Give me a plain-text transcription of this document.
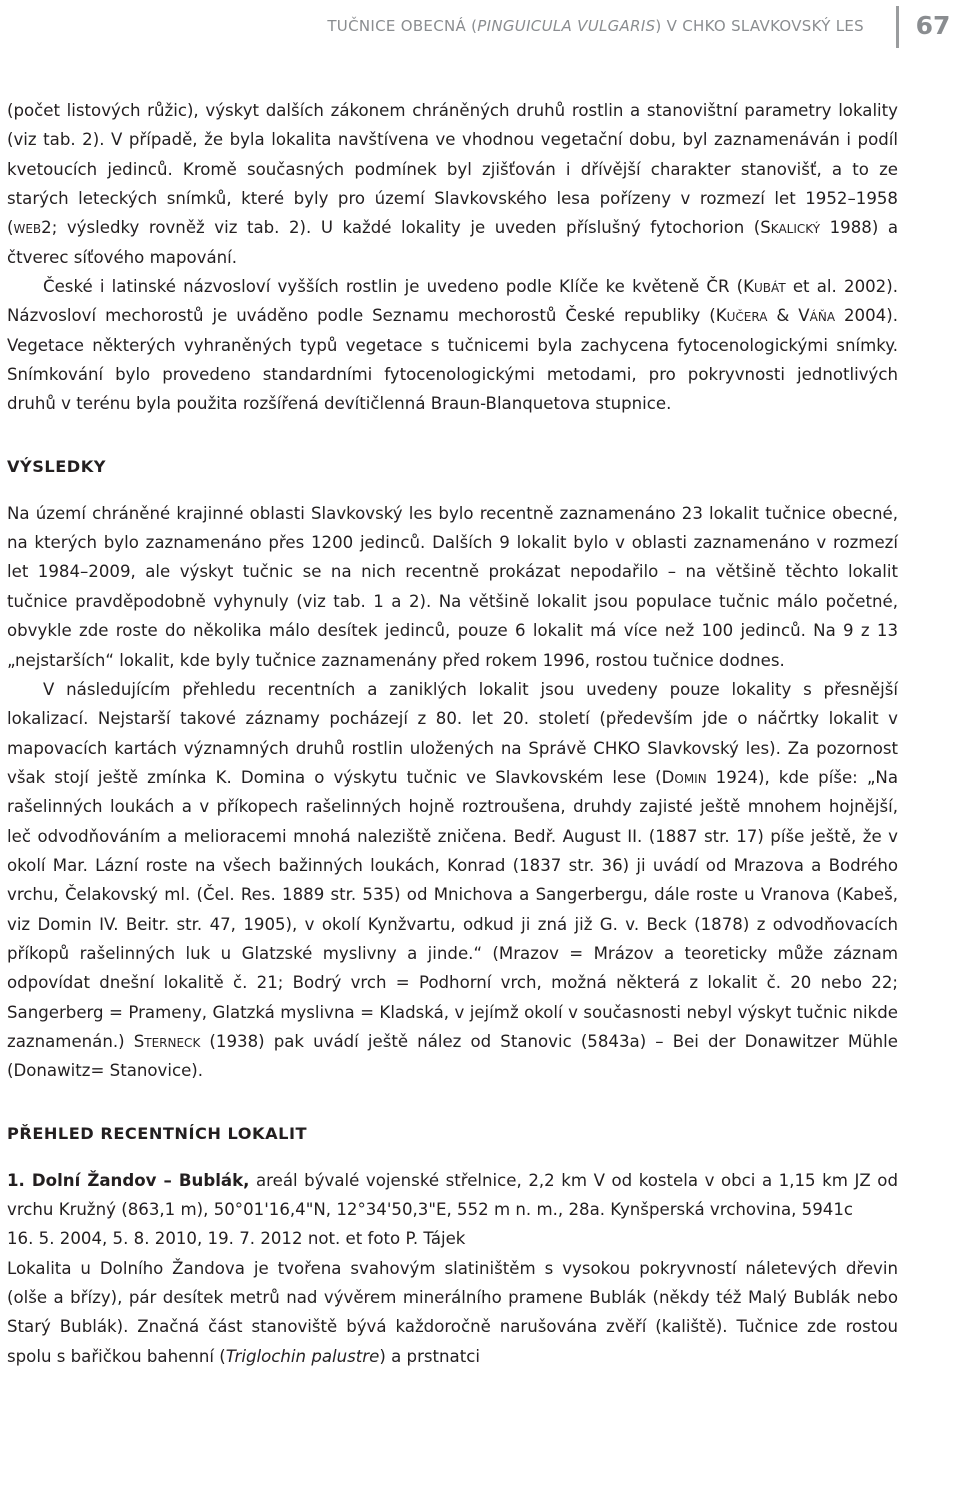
TUČNICE OBECNÁ (PINGUICULA VULGARIS) V CHKO SLAVKOVSKÝ LES	67

(počet listových růžic), výskyt dalších zákonem chráněných druhů rostlin a stanovištní parametry lokality (viz tab. 2). V případě, že byla lokalita navštívena ve vhodnou vegetační dobu, byl zaznamenáván i podíl kvetoucích jedinců. Kromě současných podmínek byl zjišťován i dřívější charakter stanovišť, a to ze starých leteckých snímků, které byly pro území Slavkovského lesa pořízeny v rozmezí let 1952–1958 (web2; výsledky rovněž viz tab. 2). U každé lokality je uveden příslušný fytochorion (Skalický 1988) a čtverec síťového mapování.

České i latinské názvosloví vyšších rostlin je uvedeno podle Klíče ke květeně ČR (Kubát et al. 2002). Názvosloví mechorostů je uváděno podle Seznamu mechorostů České republiky (Kučera & Váňa 2004). Vegetace některých vyhraněných typů vegetace s tučnicemi byla zachycena fytocenologickými snímky. Snímkování bylo provedeno standardními fytocenologickými metodami, pro pokryvnosti jednotlivých druhů v terénu byla použita rozšířená devítičlenná Braun-Blanquetova stupnice.

VÝSLEDKY

Na území chráněné krajinné oblasti Slavkovský les bylo recentně zaznamenáno 23 lokalit tučnice obecné, na kterých bylo zaznamenáno přes 1200 jedinců. Dalších 9 lokalit bylo v oblasti zaznamenáno v rozmezí let 1984–2009, ale výskyt tučnic se na nich recentně prokázat nepodařilo – na většině těchto lokalit tučnice pravděpodobně vyhynuly (viz tab. 1 a 2). Na většině lokalit jsou populace tučnic málo početné, obvykle zde roste do několika málo desítek jedinců, pouze 6 lokalit má více než 100 jedinců. Na 9 z 13 „nejstarších“ lokalit, kde byly tučnice zaznamenány před rokem 1996, rostou tučnice dodnes.

V následujícím přehledu recentních a zaniklých lokalit jsou uvedeny pouze lokality s přesnější lokalizací. Nejstarší takové záznamy pocházejí z 80. let 20. století (především jde o náčrtky lokalit v mapovacích kartách významných druhů rostlin uložených na Správě CHKO Slavkovský les). Za pozornost však stojí ještě zmínka K. Domina o výskytu tučnic ve Slavkovském lese (Domin 1924), kde píše: „Na rašelinných loukách a v příkopech rašelinných hojně roztroušena, druhdy zajisté ještě mnohem hojnější, leč odvodňováním a melioracemi mnohá naleziště zničena. Bedř. August II. (1887 str. 17) píše ještě, že v okolí Mar. Lázní roste na všech bažinných loukách, Konrad (1837 str. 36) ji uvádí od Mrazova a Bodrého vrchu, Čelakovský ml. (Čel. Res. 1889 str. 535) od Mnichova a Sangerbergu, dále roste u Vranova (Kabeš, viz Domin IV. Beitr. str. 47, 1905), v okolí Kynžvartu, odkud ji zná již G. v. Beck (1878) z odvodňovacích příkopů rašelinných luk u Glatzské myslivny a jinde.“ (Mrazov = Mrázov a teoreticky může záznam odpovídat dnešní lokalitě č. 21; Bodrý vrch = Podhorní vrch, možná některá z lokalit č. 20 nebo 22; Sangerberg = Prameny, Glatzká myslivna = Kladská, v jejímž okolí v současnosti nebyl výskyt tučnic nikde zaznamenán.) Sterneck (1938) pak uvádí ještě nález od Stanovic (5843a) – Bei der Donawitzer Mühle (Donawitz= Stanovice).

PŘEHLED RECENTNÍCH LOKALIT

1. Dolní Žandov – Bublák, areál bývalé vojenské střelnice, 2,2 km V od kostela v obci a 1,15 km JZ od vrchu Kružný (863,1 m), 50°01'16,4"N, 12°34'50,3"E, 552 m n. m., 28a. Kynšperská vrchovina, 5941c

16. 5. 2004, 5. 8. 2010, 19. 7. 2012 not. et foto P. Tájek

Lokalita u Dolního Žandova je tvořena svahovým slatiništěm s vysokou pokryvností náletevých dřevin (olše a břízy), pár desítek metrů nad vývěrem minerálního pramene Bublák (někdy též Malý Bublák nebo Starý Bublák). Značná část stanoviště bývá každoročně narušována zvěří (kaliště). Tučnice zde rostou spolu s bařičkou bahenní (Triglochin palustre) a prstnatci
